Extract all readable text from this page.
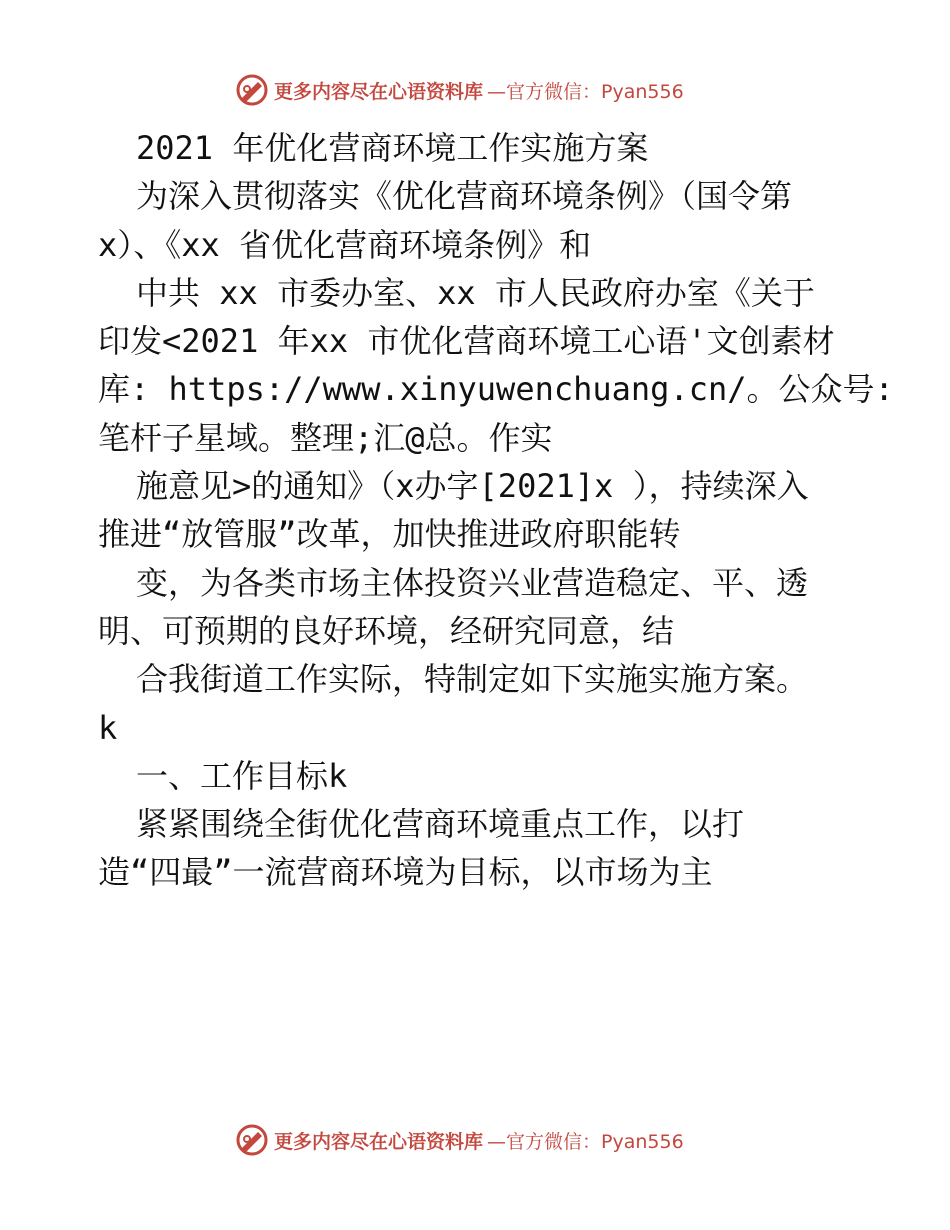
更多内容尽在心语资料库 —官方微信：Pyan556
2021 年优化营商环境工作实施方案
为深入贯彻落实《优化营商环境条例》（国令第
x）、《xx 省优化营商环境条例》和
中共 xx 市委办室、xx 市人民政府办室《关于
印发<2021 年xx 市优化营商环境工心语'文创素材
库: https://www.xinyuwenchuang.cn/。公众号:
笔杆子星域。整理;汇@总。作实
施意见>的通知》（x办字[2021]x ），持续深入
推进“放管服”改革，加快推进政府职能转
变，为各类市场主体投资兴业营造稳定、平、透
明、可预期的良好环境，经研究同意，结
合我街道工作实际，特制定如下实施实施方案。
k
一、工作目标k
紧紧围绕全街优化营商环境重点工作，以打
造“四最”一流营商环境为目标，以市场为主
更多内容尽在心语资料库 —官方微信：Pyan556
